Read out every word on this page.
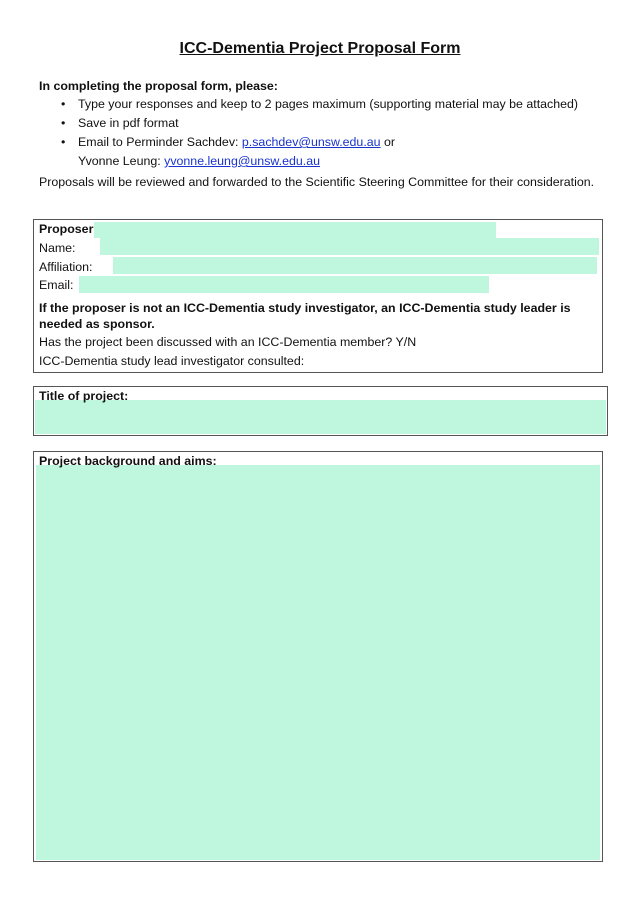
ICC-Dementia Project Proposal Form
In completing the proposal form, please:
• Type your responses and keep to 2 pages maximum (supporting material may be attached)
• Save in pdf format
• Email to Perminder Sachdev: p.sachdev@unsw.edu.au or
Yvonne Leung: yvonne.leung@unsw.edu.au
Proposals will be reviewed and forwarded to the Scientific Steering Committee for their consideration.
Proposer
Name:
Affiliation:
Email:
If the proposer is not an ICC-Dementia study investigator, an ICC-Dementia study leader is needed as sponsor.
Has the project been discussed with an ICC-Dementia member? Y/N
ICC-Dementia study lead investigator consulted:
Title of project:
Project background and aims:
